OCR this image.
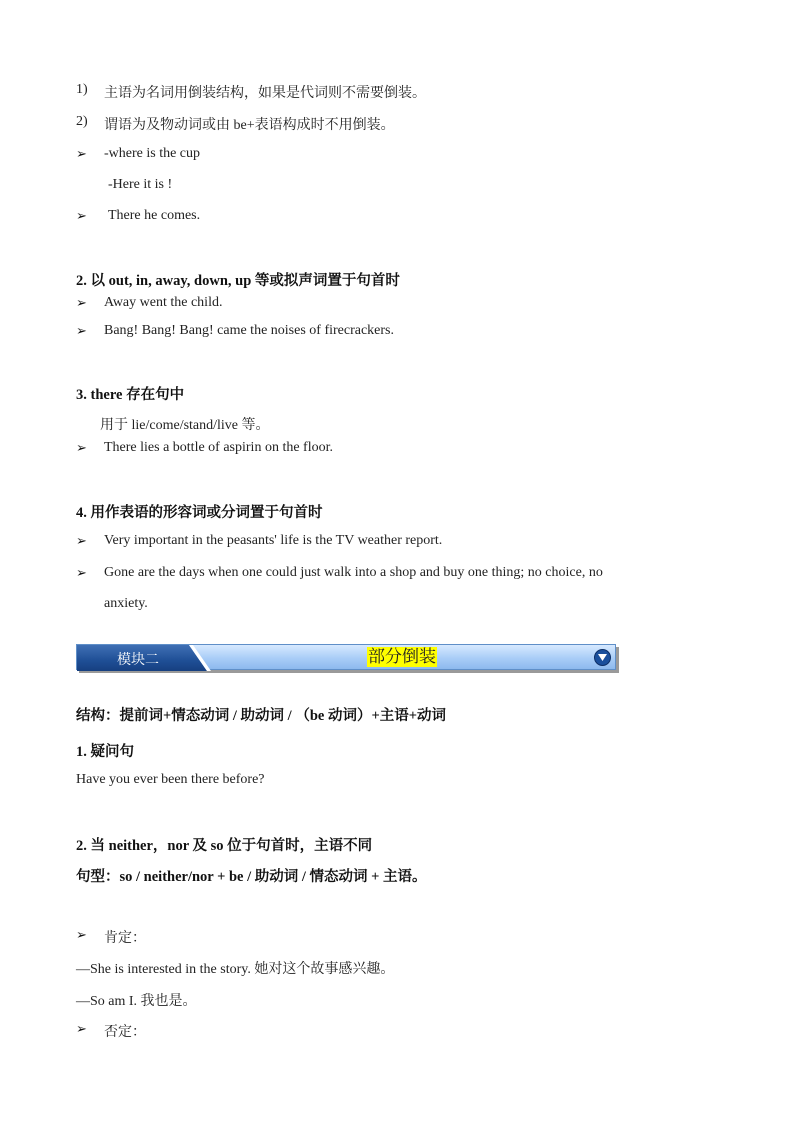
1) 主语为名词用倒装结构，如果是代词则不需要倒装。
2) 谓语为及物动词或由 be+表语构成时不用倒装。
➢ -where is the cup
-Here it is !
➢ There he comes.
2. 以 out, in, away, down, up 等或拟声词置于句首时
➢ Away went the child.
➢ Bang! Bang! Bang! came the noises of firecrackers.
3. there 存在句中
用于 lie/come/stand/live 等。
➢ There lies a bottle of aspirin on the floor.
4. 用作表语的形容词或分词置于句首时
➢ Very important in the peasants' life is the TV weather report.
➢ Gone are the days when one could just walk into a shop and buy one thing; no choice, no
anxiety.
模块二	部分倒装
结构：提前词+情态动词 / 助动词 / （be 动词）+主语+动词
1. 疑问句
Have you ever been there before?
2. 当 neither，nor 及 so 位于句首时，主语不同
句型：so / neither/nor + be / 助动词 / 情态动词 + 主语。
➢ 肯定：
—She is interested in the story. 她对这个故事感兴趣。
—So am I. 我也是。
➢ 否定：
